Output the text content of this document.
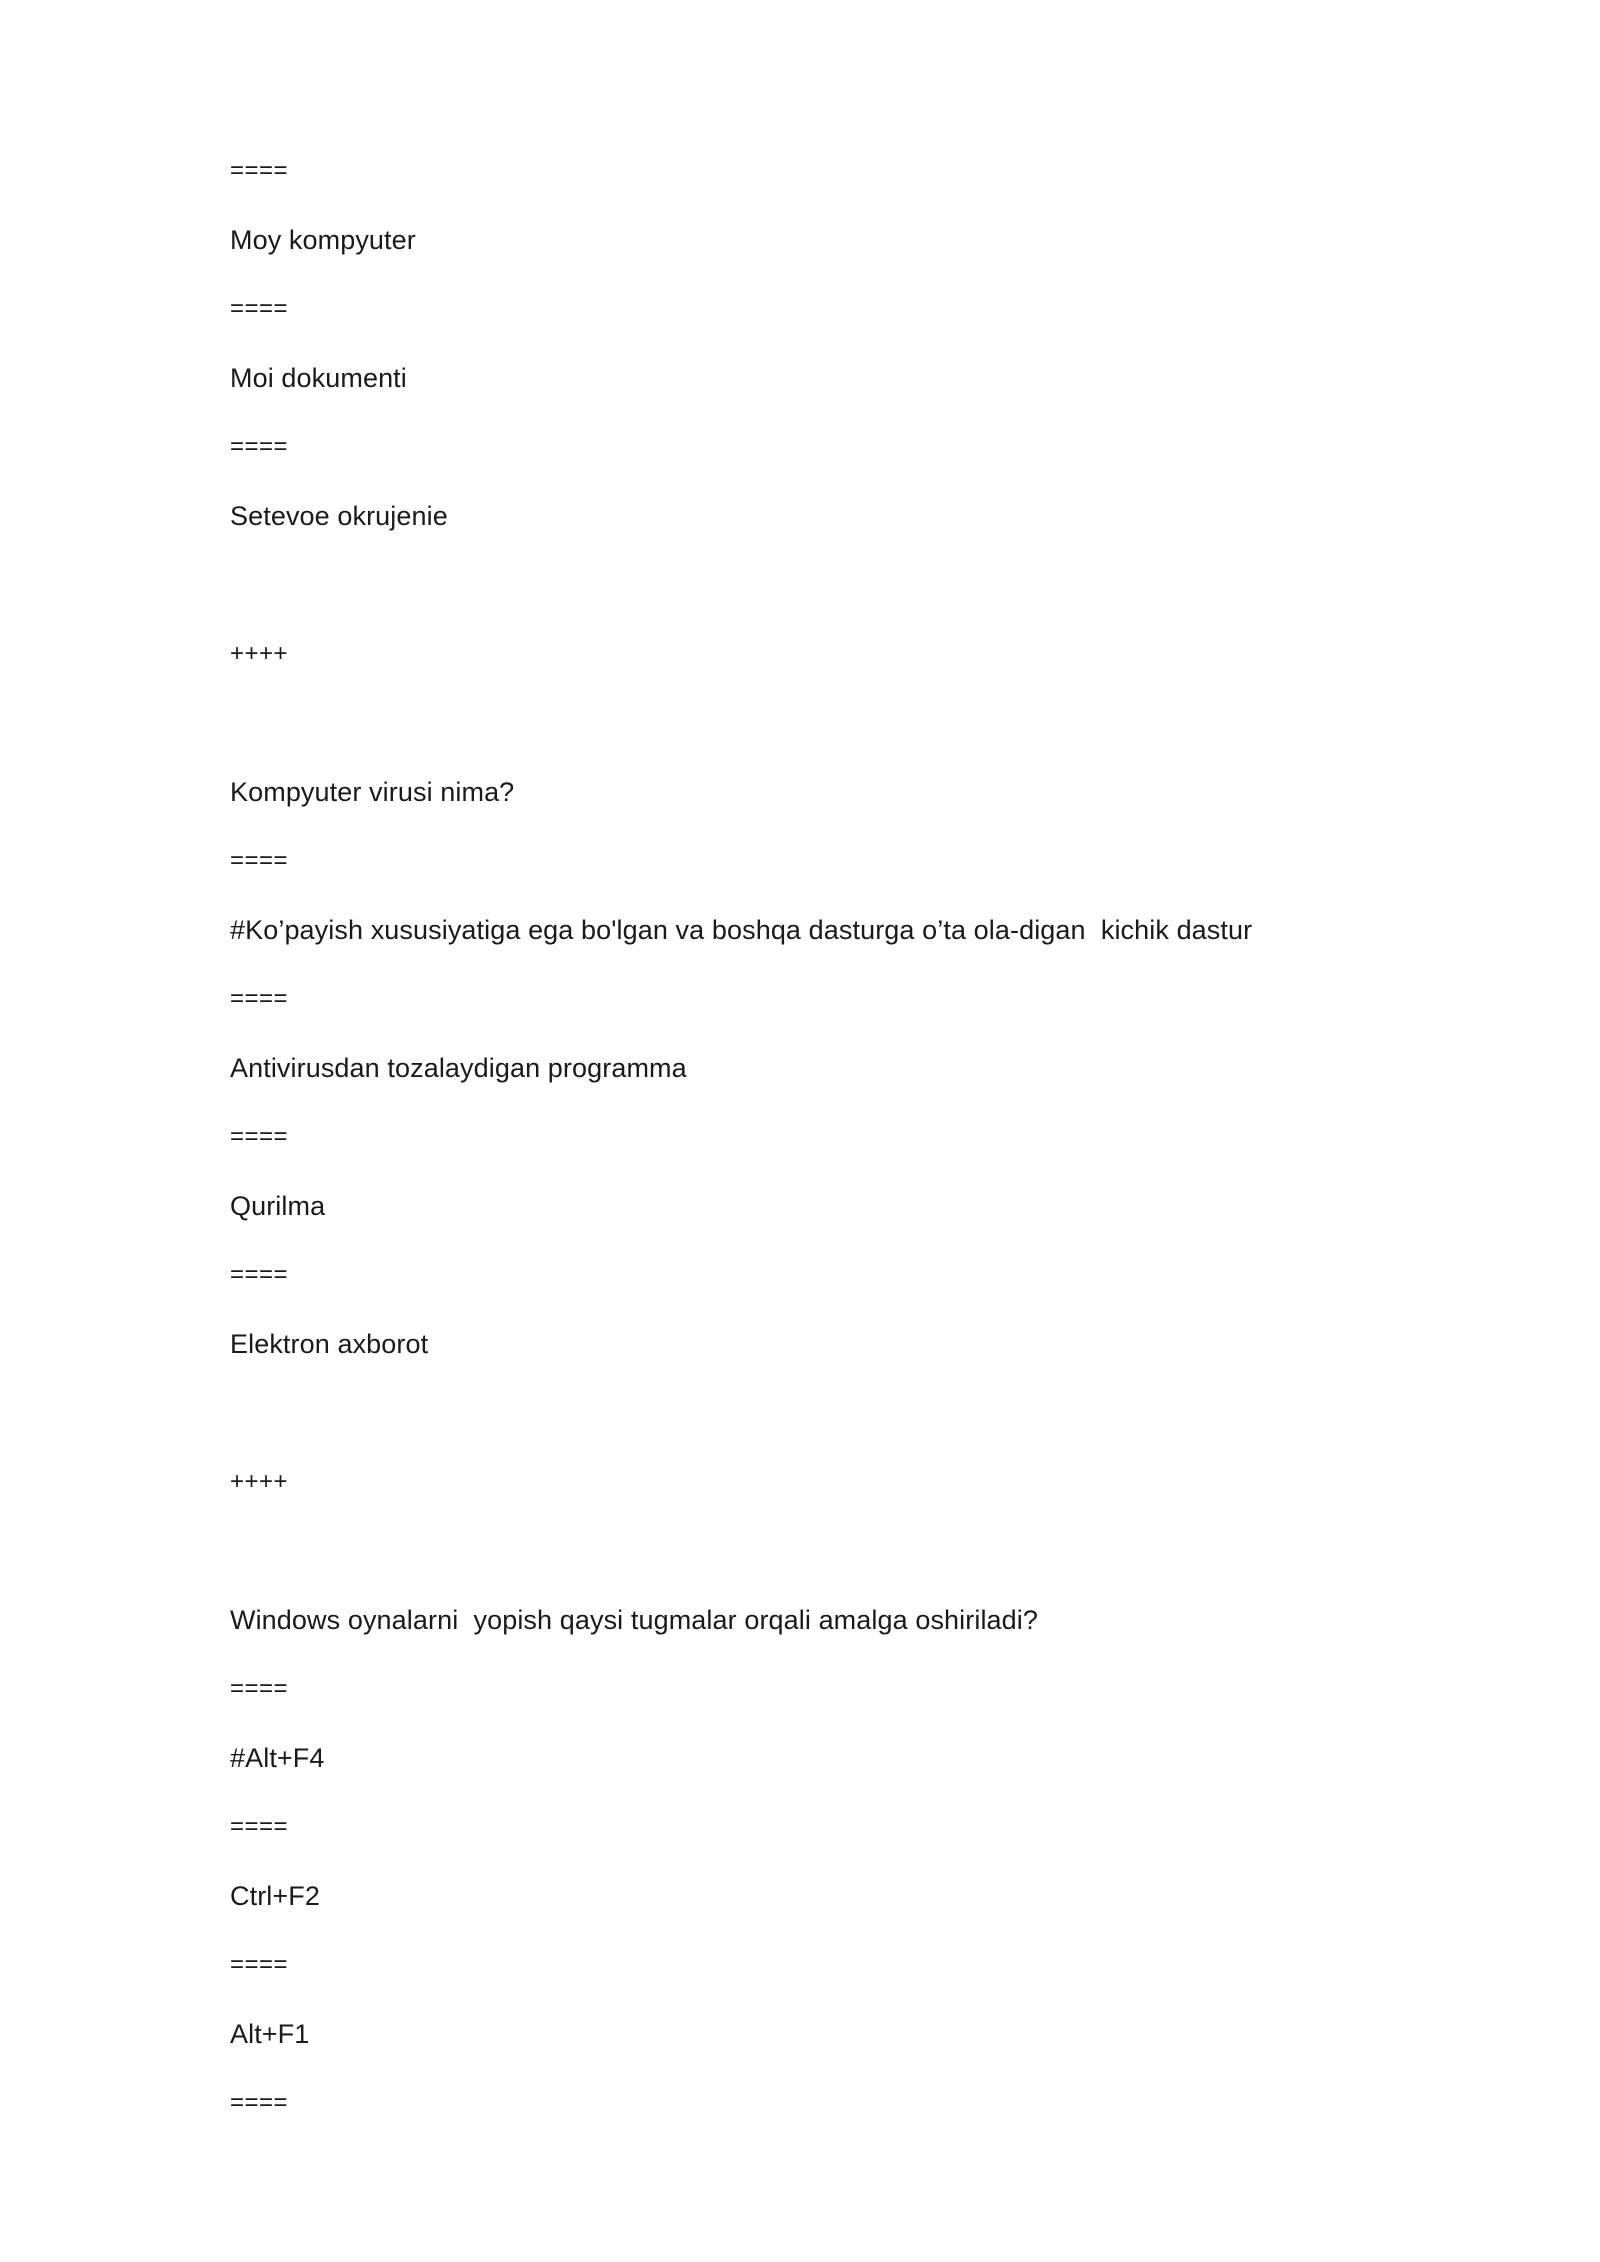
====
Moy kompyuter
====
Moi dokumenti
====
Setevoe okrujenie
++++
Kompyuter virusi nima?
====
#Ko’payish xususiyatiga ega bo'lgan va boshqa dasturga o’ta ola-digan  kichik dastur
====
Antivirusdan tozalaydigan programma
====
Qurilma
====
Elektron axborot
++++
Windows oynalarni  yopish qaysi tugmalar orqali amalga oshiriladi?
====
#Alt+F4
====
Ctrl+F2
====
Alt+F1
====
